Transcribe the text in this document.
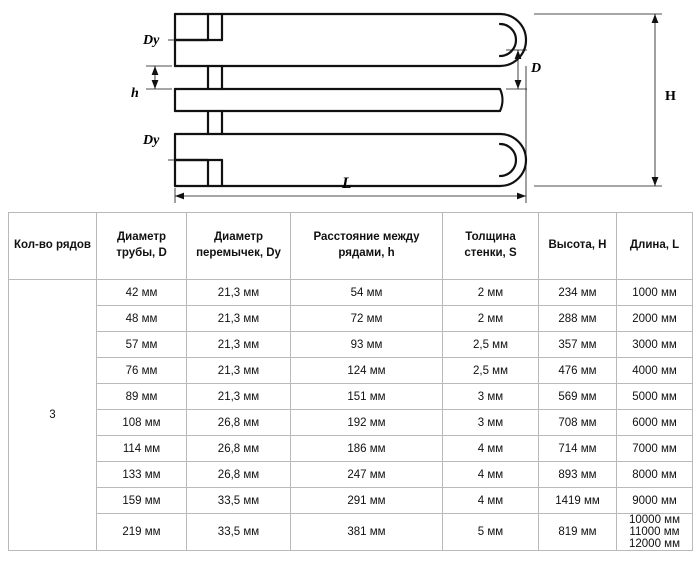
Dy
Dy
h
D
H
L
Кол-во рядов	Диаметр трубы, D	Диаметр перемычек, Dy	Расстояние между рядами, h	Толщина стенки, S	Высота, H	Длина, L
3	42 мм	21,3 мм	54 мм	2 мм	234 мм	1000 мм
	48 мм	21,3 мм	72 мм	2 мм	288 мм	2000 мм
	57 мм	21,3 мм	93 мм	2,5 мм	357 мм	3000 мм
	76 мм	21,3 мм	124 мм	2,5 мм	476 мм	4000 мм
	89 мм	21,3 мм	151 мм	3 мм	569 мм	5000 мм
	108 мм	26,8 мм	192 мм	3 мм	708 мм	6000 мм
	114 мм	26,8 мм	186 мм	4 мм	714 мм	7000 мм
	133 мм	26,8 мм	247 мм	4 мм	893 мм	8000 мм
	159 мм	33,5 мм	291 мм	4 мм	1419 мм	9000 мм
	219 мм	33,5 мм	381 мм	5 мм	819 мм	10000 мм
11000 мм 12000 мм
